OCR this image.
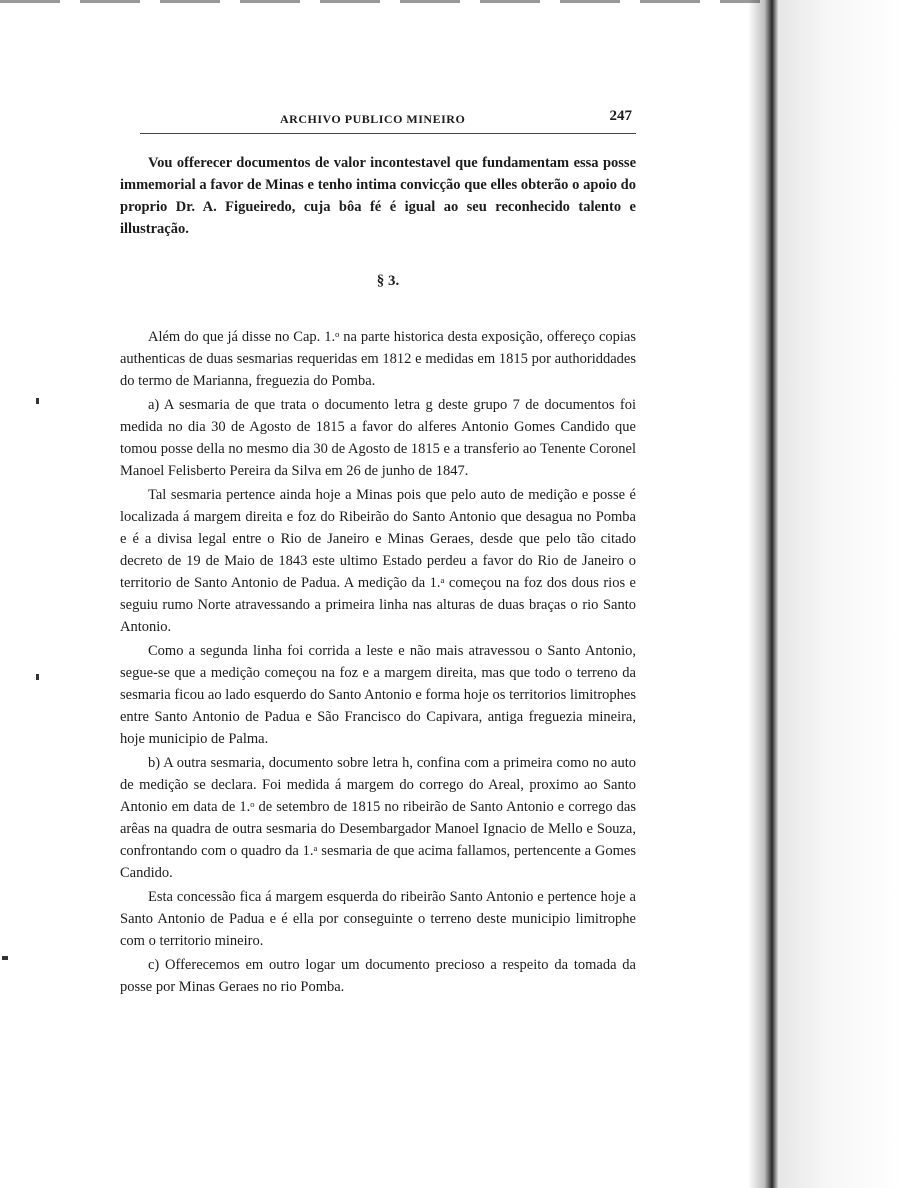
ARCHIVO PUBLICO MINEIRO	247

Vou offerecer documentos de valor incontestavel que fundamentam essa posse immemorial a favor de Minas e tenho intima convicção que elles obterão o apoio do proprio Dr. A. Figueiredo, cuja bôa fé é igual ao seu reconhecido talento e illustração.

§ 3.

Além do que já disse no Cap. 1.ᵒ na parte historica desta exposição, offereço copias authenticas de duas sesmarias requeridas em 1812 e medidas em 1815 por authoriddades do termo de Marianna, freguezia do Pomba.

a) A sesmaria de que trata o documento letra g deste grupo 7 de documentos foi medida no dia 30 de Agosto de 1815 a favor do alferes Antonio Gomes Candido que tomou posse della no mesmo dia 30 de Agosto de 1815 e a transferio ao Tenente Coronel Manoel Felisberto Pereira da Silva em 26 de junho de 1847.

Tal sesmaria pertence ainda hoje a Minas pois que pelo auto de medição e posse é localizada á margem direita e foz do Ribeirão do Santo Antonio que desagua no Pomba e é a divisa legal entre o Rio de Janeiro e Minas Geraes, desde que pelo tão citado decreto de 19 de Maio de 1843 este ultimo Estado perdeu a favor do Rio de Janeiro o territorio de Santo Antonio de Padua. A medição da 1.ᵃ começou na foz dos dous rios e seguiu rumo Norte atravessando a primeira linha nas alturas de duas braças o rio Santo Antonio.

Como a segunda linha foi corrida a leste e não mais atravessou o Santo Antonio, segue-se que a medição começou na foz e a margem direita, mas que todo o terreno da sesmaria ficou ao lado esquerdo do Santo Antonio e forma hoje os territorios limitrophes entre Santo Antonio de Padua e São Francisco do Capivara, antiga freguezia mineira, hoje municipio de Palma.

b) A outra sesmaria, documento sobre letra h, confina com a primeira como no auto de medição se declara. Foi medida á margem do corrego do Areal, proximo ao Santo Antonio em data de 1.ᵒ de setembro de 1815 no ribeirão de Santo Antonio e corrego das arêas na quadra de outra sesmaria do Desembargador Manoel Ignacio de Mello e Souza, confrontando com o quadro da 1.ᵃ sesmaria de que acima fallamos, pertencente a Gomes Candido.

Esta concessão fica á margem esquerda do ribeirão Santo Antonio e pertence hoje a Santo Antonio de Padua e é ella por conseguinte o terreno deste municipio limitrophe com o territorio mineiro.

c) Offerecemos em outro logar um documento precioso a respeito da tomada da posse por Minas Geraes no rio Pomba.
